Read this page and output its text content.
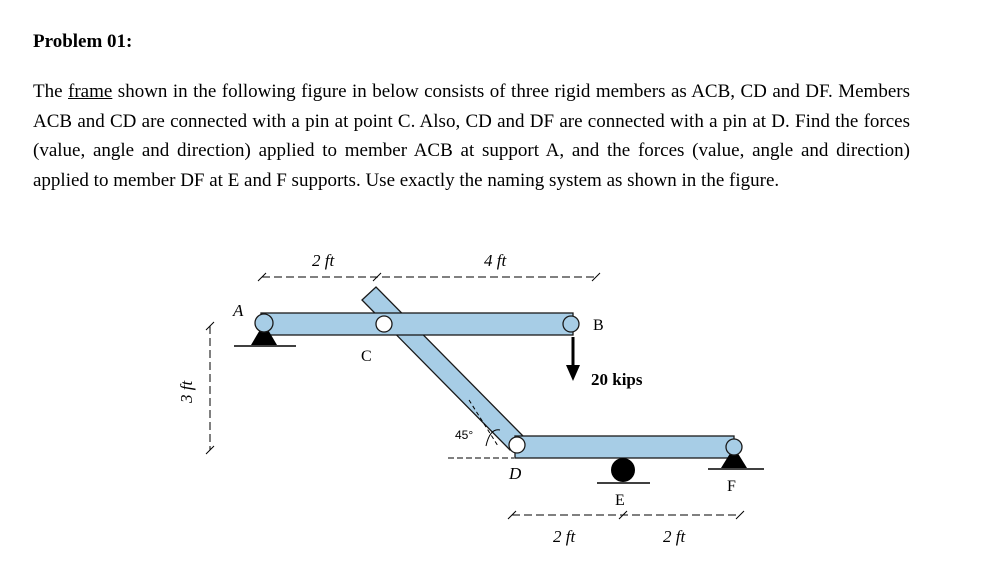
Problem 01:
The frame shown in the following figure in below consists of three rigid members as ACB, CD and DF. Members ACB and CD are connected with a pin at point C. Also, CD and DF are connected with a pin at D. Find the forces (value, angle and direction) applied to member ACB at support A, and the forces (value, angle and direction) applied to member DF at E and F supports. Use exactly the naming system as shown in the figure.
2 ft	4 ft
3 ft
20 kips
45°
A
B
C
D
E
F
2 ft	2 ft
